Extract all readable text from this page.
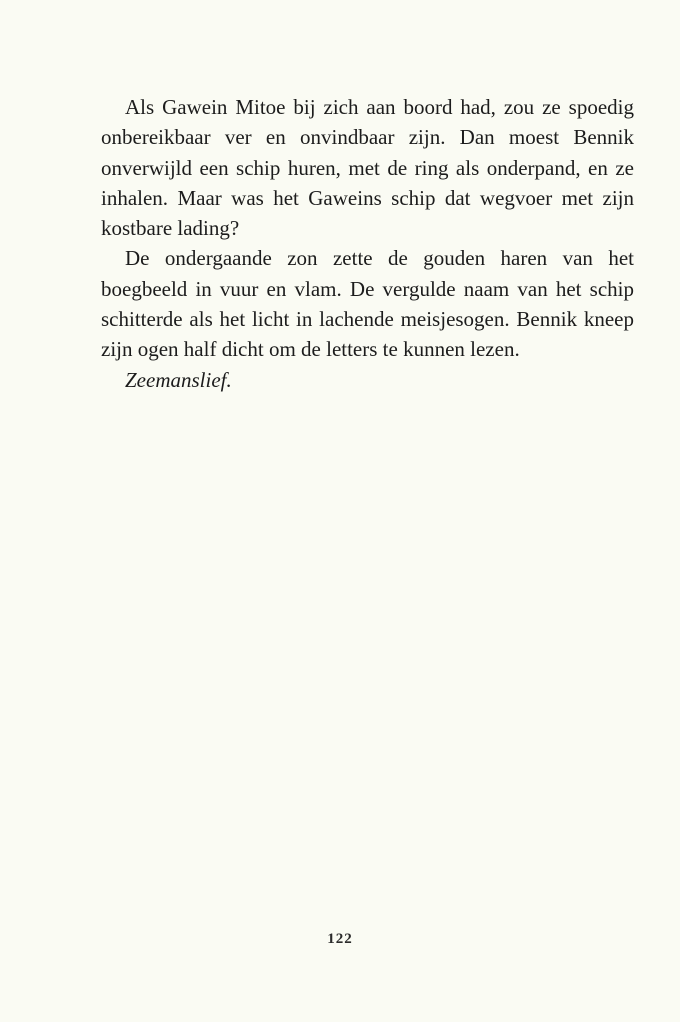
Als Gawein Mitoe bij zich aan boord had, zou ze spoedig onbereikbaar ver en onvindbaar zijn. Dan moest Bennik onverwijld een schip huren, met de ring als onderpand, en ze inhalen. Maar was het Gaweins schip dat wegvoer met zijn kostbare lading?

De ondergaande zon zette de gouden haren van het boegbeeld in vuur en vlam. De vergulde naam van het schip schitterde als het licht in lachende meisjesogen. Bennik kneep zijn ogen half dicht om de letters te kunnen lezen.

Zeemanslief.

122
